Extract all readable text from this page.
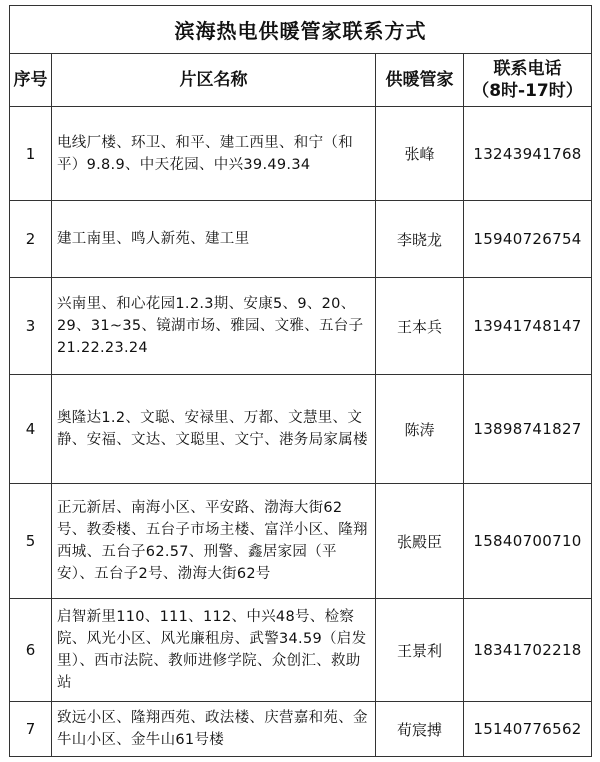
滨海热电供暖管家联系方式			
序号	片区名称	供暖管家	联系电话
（8时-17时）

1	电线厂楼、环卫、和平、建工西里、和宁（和平）9.8.9、中天花园、中兴39.49.34	张峰	13243941768
2	建工南里、鸣人新苑、建工里	李晓龙	15940726754
3	兴南里、和心花园1.2.3期、安康5、9、20、29、31~35、镜湖市场、雅园、文雅、五台子21.22.23.24	王本兵	13941748147
4	奥隆达1.2、文聪、安禄里、万都、文慧里、文静、安福、文达、文聪里、文宁、港务局家属楼	陈涛	13898741827
5	正元新居、南海小区、平安路、渤海大街62号、教委楼、五台子市场主楼、富洋小区、隆翔西城、五台子62.57、刑警、鑫居家园（平安）、五台子2号、渤海大街62号	张殿臣	15840700710
6	启智新里110、111、112、中兴48号、检察院、风光小区、风光廉租房、武警34.59（启发里）、西市法院、教师进修学院、众创汇、救助站	王景利	18341702218
7	致远小区、隆翔西苑、政法楼、庆营嘉和苑、金牛山小区、金牛山61号楼	荀宸搏	15140776562
